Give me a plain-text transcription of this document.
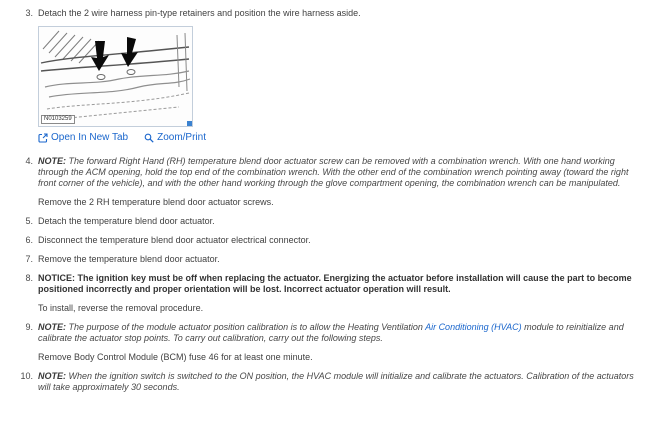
3. Detach the 2 wire harness pin-type retainers and position the wire harness aside.

N0103259
Open In New Tab	Zoom/Print
4. NOTE: The forward Right Hand (RH) temperature blend door actuator screw can be removed with a combination wrench. With one hand working through the ACM opening, hold the top end of the combination wrench. With the other end of the combination wrench pointing away (toward the right front corner of the vehicle), and with the other hand working through the glove compartment opening, the combination wrench can be manipulated.

Remove the 2 RH temperature blend door actuator screws.

5. Detach the temperature blend door actuator.

6. Disconnect the temperature blend door actuator electrical connector.

7. Remove the temperature blend door actuator.

8. NOTICE: The ignition key must be off when replacing the actuator. Energizing the actuator before installation will cause the part to become positioned incorrectly and proper orientation will be lost. Incorrect actuator operation will result.

To install, reverse the removal procedure.

9. NOTE: The purpose of the module actuator position calibration is to allow the Heating Ventilation Air Conditioning (HVAC) module to reinitialize and calibrate the actuator stop points. To carry out calibration, carry out the following steps.

Remove Body Control Module (BCM) fuse 46 for at least one minute.

10. NOTE: When the ignition switch is switched to the ON position, the HVAC module will initialize and calibrate the actuators. Calibration of the actuators will take approximately 30 seconds.
